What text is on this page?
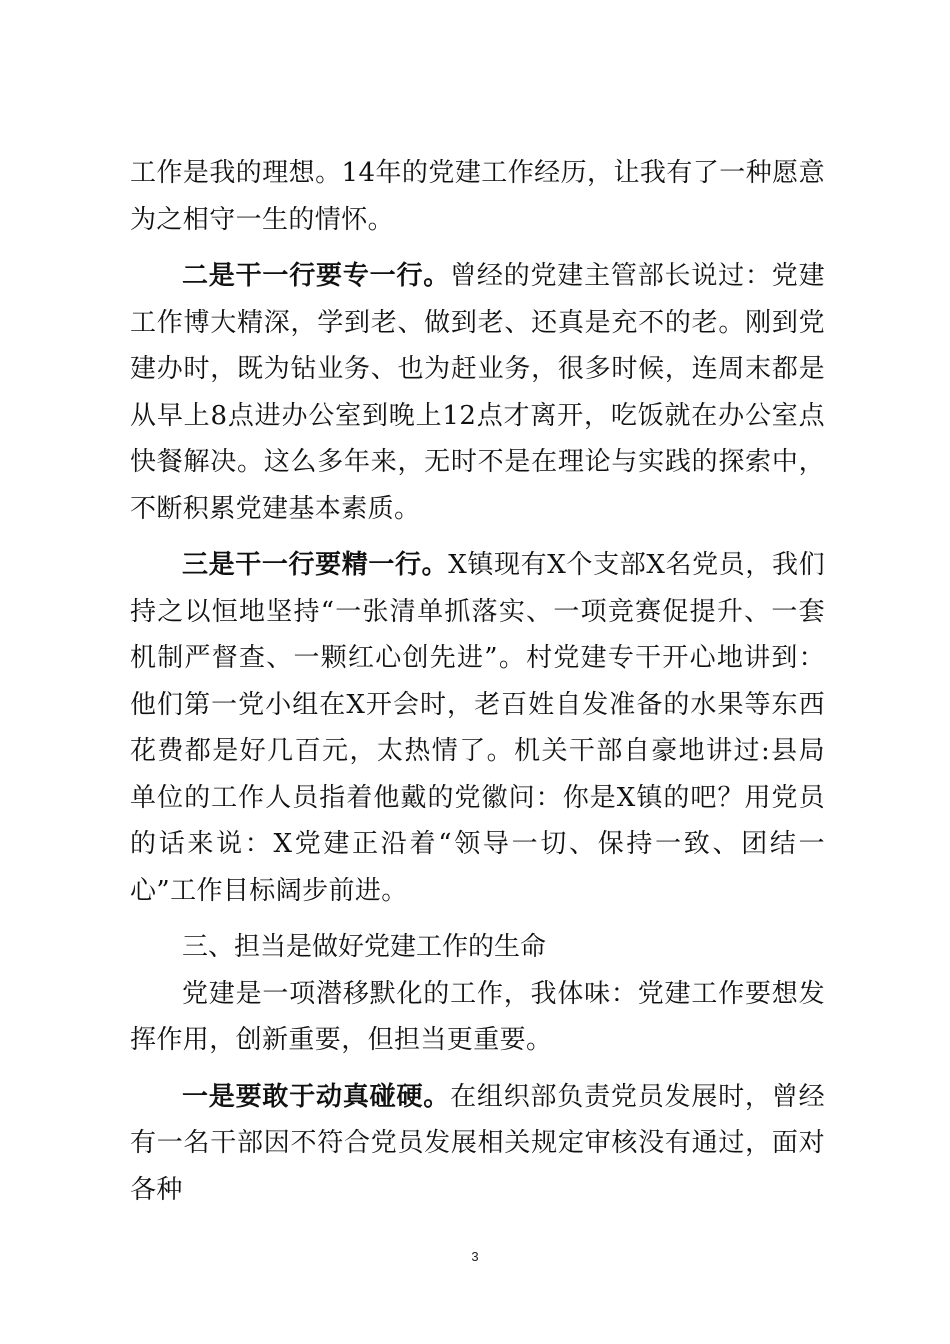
工作是我的理想。14年的党建工作经历，让我有了一种愿意为之相守一生的情怀。

二是干一行要专一行。曾经的党建主管部长说过：党建工作博大精深，学到老、做到老、还真是充不的老。刚到党建办时，既为钻业务、也为赶业务，很多时候，连周末都是从早上8点进办公室到晚上12点才离开，吃饭就在办公室点快餐解决。这么多年来，无时不是在理论与实践的探索中，不断积累党建基本素质。

三是干一行要精一行。X镇现有X个支部X名党员，我们持之以恒地坚持“一张清单抓落实、一项竞赛促提升、一套机制严督查、一颗红心创先进”。村党建专干开心地讲到：他们第一党小组在X开会时，老百姓自发准备的水果等东西花费都是好几百元，太热情了。机关干部自豪地讲过:县局单位的工作人员指着他戴的党徽问：你是X镇的吧？用党员的话来说：X党建正沿着“领导一切、保持一致、团结一心”工作目标阔步前进。

三、担当是做好党建工作的生命

党建是一项潜移默化的工作，我体味：党建工作要想发挥作用，创新重要，但担当更重要。

一是要敢于动真碰硬。在组织部负责党员发展时，曾经有一名干部因不符合党员发展相关规定审核没有通过，面对各种

3
